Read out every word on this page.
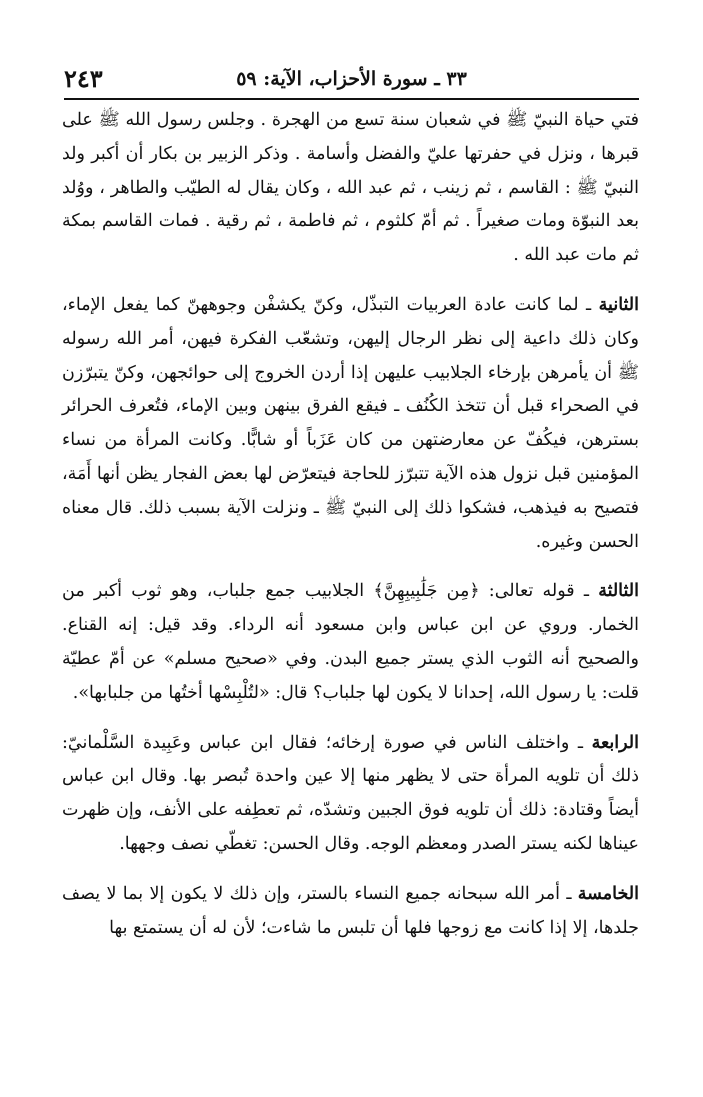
٣٣ ـ سورة الأحزاب، الآية: ٥٩
٢٤٣

فتي حياة النبيّ ﷺ في شعبان سنة تسع من الهجرة . وجلس رسول الله ﷺ على قبرها ، ونزل في حفرتها عليّ والفضل وأسامة . وذكر الزبير بن بكار أن أكبر ولد النبيّ ﷺ : القاسم ، ثم زينب ، ثم عبد الله ، وكان يقال له الطيّب والطاهر ، ووُلد بعد النبوّة ومات صغيراً . ثم أمّ كلثوم ، ثم فاطمة ، ثم رقية . فمات القاسم بمكة ثم مات عبد الله .

الثانية ـ لما كانت عادة العربيات التبذّل، وكنّ يكشفْن وجوههنّ كما يفعل الإماء، وكان ذلك داعية إلى نظر الرجال إليهن، وتشعّب الفكرة فيهن، أمر الله رسوله ﷺ أن يأمرهن بإرخاء الجلابيب عليهن إذا أردن الخروج إلى حوائجهن، وكنّ يتبرّزن في الصحراء قبل أن تتخذ الكُنُف ـ فيقع الفرق بينهن وبين الإماء، فتُعرف الحرائر بسترهن، فيكُفّ عن معارضتهن من كان عَزَباً أو شابًّا. وكانت المرأة من نساء المؤمنين قبل نزول هذه الآية تتبرّز للحاجة فيتعرّض لها بعض الفجار يظن أنها أَمَة، فتصيح به فيذهب، فشكوا ذلك إلى النبيّ ﷺ ـ ونزلت الآية بسبب ذلك. قال معناه الحسن وغيره.

الثالثة ـ قوله تعالى: ﴿مِن جَلَٰبِيبِهِنَّ﴾ الجلابيب جمع جلباب، وهو ثوب أكبر من الخمار. وروي عن ابن عباس وابن مسعود أنه الرداء. وقد قيل: إنه القناع. والصحيح أنه الثوب الذي يستر جميع البدن. وفي «صحيح مسلم» عن أمّ عطيّة قلت: يا رسول الله، إحدانا لا يكون لها جلباب؟ قال: «لتُلْبِسْها أختُها من جلبابها».

الرابعة ـ واختلف الناس في صورة إرخائه؛ فقال ابن عباس وعَبِيدة السَّلْمانيّ: ذلك أن تلويه المرأة حتى لا يظهر منها إلا عين واحدة تُبصر بها. وقال ابن عباس أيضاً وقتادة: ذلك أن تلويه فوق الجبين وتشدّه، ثم تعطِفه على الأنف، وإن ظهرت عيناها لكنه يستر الصدر ومعظم الوجه. وقال الحسن: تغطّي نصف وجهها.

الخامسة ـ أمر الله سبحانه جميع النساء بالستر، وإن ذلك لا يكون إلا بما لا يصف جلدها، إلا إذا كانت مع زوجها فلها أن تلبس ما شاءت؛ لأن له أن يستمتع بها
